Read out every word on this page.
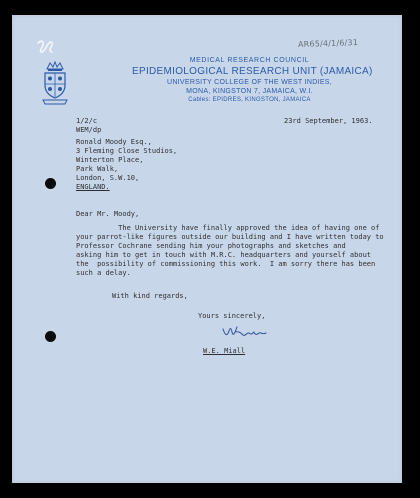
AR65/4/1/6/31
MEDICAL RESEARCH COUNCIL
EPIDEMIOLOGICAL RESEARCH UNIT (JAMAICA)
UNIVERSITY COLLEGE OF THE WEST INDIES,
MONA, KINGSTON 7, JAMAICA, W.I.
Cables: EPIDRES, KINGSTON, JAMAICA
1/2/c
WEM/dp
23rd September, 1963.
Ronald Moody Esq.,
3 Fleming Close Studios,
Winterton Place,
Park Walk,
London, S.W.10,
ENGLAND.
Dear Mr. Moody,

The University have finally approved the idea of having one of

your parrot-like figures outside our building and I have written today to

Professor Cochrane sending him your photographs and sketches and

asking him to get in touch with M.R.C. headquarters and yourself about

the  possibility of commissioning this work.  I am sorry there has been

such a delay.

With kind regards,
Yours sincerely,
W.E. Miall
